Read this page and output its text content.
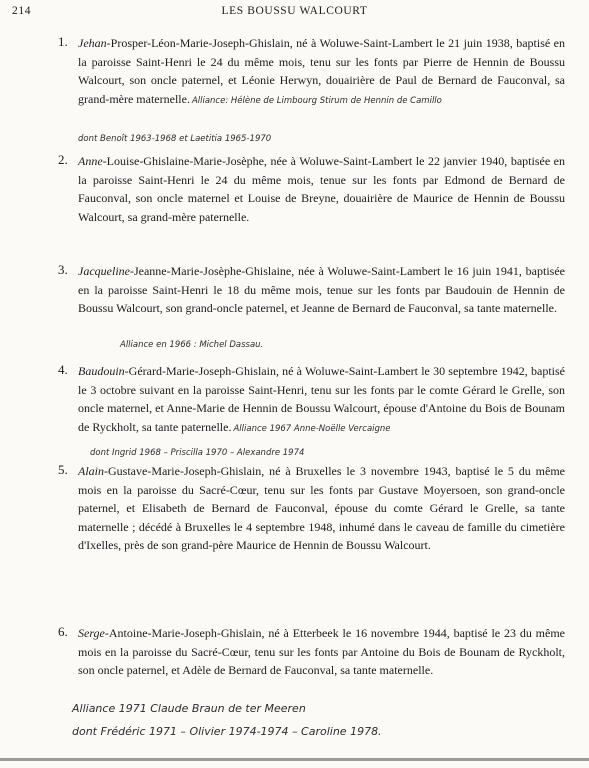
214	LES BOUSSU WALCOURT
1. Jehan-Prosper-Léon-Marie-Joseph-Ghislain, né à Woluwe-Saint-Lambert le 21 juin 1938, baptisé en la paroisse Saint-Henri le 24 du même mois, tenu sur les fonts par Pierre de Hennin de Boussu Walcourt, son oncle paternel, et Léonie Herwyn, douairière de Paul de Bernard de Fauconval, sa grand-mère maternelle. Alliance: Hélène de Limbourg Stirum de Hennin de Camillo
dont Benoît 1963-1968 et Laetitia 1965-1970
2. Anne-Louise-Ghislaine-Marie-Josèphe, née à Woluwe-Saint-Lambert le 22 janvier 1940, baptisée en la paroisse Saint-Henri le 24 du même mois, tenue sur les fonts par Edmond de Bernard de Fauconval, son oncle maternel et Louise de Breyne, douairière de Maurice de Hennin de Boussu Walcourt, sa grand-mère paternelle.
3. Jacqueline-Jeanne-Marie-Josèphe-Ghislaine, née à Woluwe-Saint-Lambert le 16 juin 1941, baptisée en la paroisse Saint-Henri le 18 du même mois, tenue sur les fonts par Baudouin de Hennin de Boussu Walcourt, son grand-oncle paternel, et Jeanne de Bernard de Fauconval, sa tante maternelle.
Alliance en 1966 : Michel Dassau.
4. Baudouin-Gérard-Marie-Joseph-Ghislain, né à Woluwe-Saint-Lambert le 30 septembre 1942, baptisé le 3 octobre suivant en la paroisse Saint-Henri, tenu sur les fonts par le comte Gérard le Grelle, son oncle maternel, et Anne-Marie de Hennin de Boussu Walcourt, épouse d'Antoine du Bois de Bounam de Ryckholt, sa tante paternelle. Alliance 1967 Anne-Noëlle Vercaigne
dont Ingrid 1968 – Priscilla 1970 – Alexandre 1974
5. Alain-Gustave-Marie-Joseph-Ghislain, né à Bruxelles le 3 novembre 1943, baptisé le 5 du même mois en la paroisse du Sacré-Cœur, tenu sur les fonts par Gustave Moyersoen, son grand-oncle paternel, et Elisabeth de Bernard de Fauconval, épouse du comte Gérard le Grelle, sa tante maternelle ; décédé à Bruxelles le 4 septembre 1948, inhumé dans le caveau de famille du cimetière d'Ixelles, près de son grand-père Maurice de Hennin de Boussu Walcourt.
6. Serge-Antoine-Marie-Joseph-Ghislain, né à Etterbeek le 16 novembre 1944, baptisé le 23 du même mois en la paroisse du Sacré-Cœur, tenu sur les fonts par Antoine du Bois de Bounam de Ryckholt, son oncle paternel, et Adèle de Bernard de Fauconval, sa tante maternelle.
Alliance 1971 Claude Braun de ter Meeren
dont Frédéric 1971 – Olivier 1974-1974 – Caroline 1978.
